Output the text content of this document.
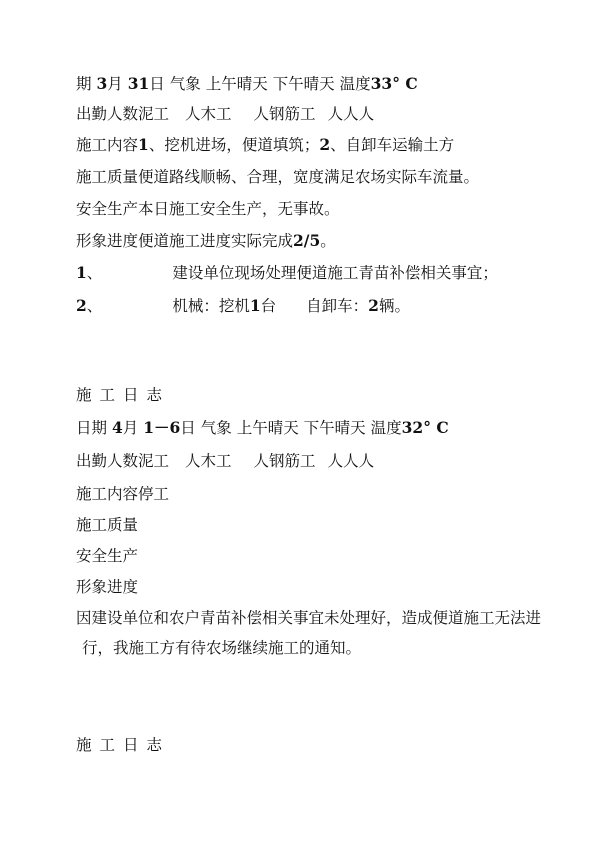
期 3月 31日 气象 上午晴天 下午晴天 温度33° C
出勤人数泥工 人木工 人钢筋工 人人人
施工内容1、挖机进场，便道填筑；2、自卸车运输土方
施工质量便道路线顺畅、合理，宽度满足农场实际车流量。
安全生产本日施工安全生产，无事故。
形象进度便道施工进度实际完成2/5。
1、	建设单位现场处理便道施工青苗补偿相关事宜；
2、	机械：挖机1台 自卸车：2辆。
施 工 日 志
日期 4月 1－6日 气象 上午晴天 下午晴天 温度32° C
出勤人数泥工 人木工 人钢筋工 人人人
施工内容停工
施工质量
安全生产
形象进度
因建设单位和农户青苗补偿相关事宜未处理好，造成便道施工无法进
行，我施工方有待农场继续施工的通知。
施 工 日 志
